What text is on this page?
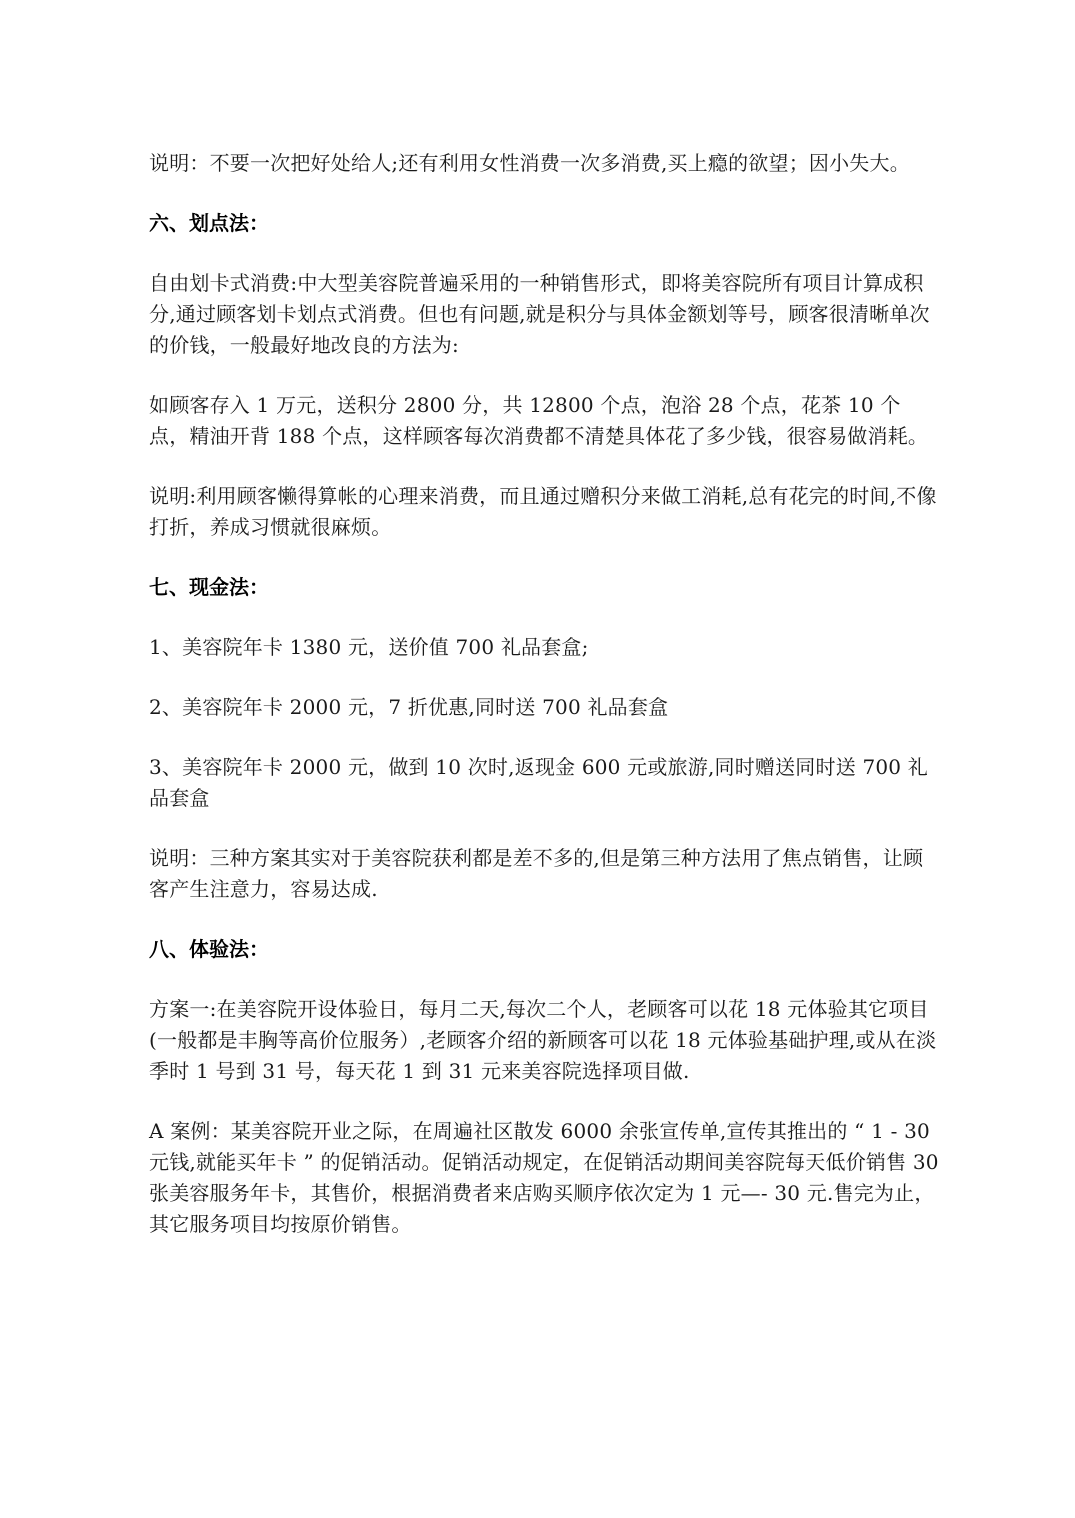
说明：不要一次把好处给人;还有利用女性消费一次多消费,买上瘾的欲望；因小失大。

六、划点法：

自由划卡式消费:中大型美容院普遍采用的一种销售形式，即将美容院所有项目计算成积分,通过顾客划卡划点式消费。但也有问题,就是积分与具体金额划等号，顾客很清晰单次的价钱，一般最好地改良的方法为:

如顾客存入 1 万元，送积分 2800 分，共 12800 个点，泡浴 28 个点，花茶 10 个点，精油开背 188 个点，这样顾客每次消费都不清楚具体花了多少钱，很容易做消耗。

说明:利用顾客懒得算帐的心理来消费，而且通过赠积分来做工消耗,总有花完的时间,不像打折，养成习惯就很麻烦。

七、现金法：

1、美容院年卡 1380 元，送价值 700 礼品套盒;

2、美容院年卡 2000 元，7 折优惠,同时送 700 礼品套盒

3、美容院年卡 2000 元，做到 10 次时,返现金 600 元或旅游,同时赠送同时送 700 礼品套盒

说明：三种方案其实对于美容院获利都是差不多的,但是第三种方法用了焦点销售，让顾客产生注意力，容易达成.

八、体验法：

方案一:在美容院开设体验日，每月二天,每次二个人，老顾客可以花 18 元体验其它项目(一般都是丰胸等高价位服务）,老顾客介绍的新顾客可以花 18 元体验基础护理,或从在淡季时 1 号到 31 号，每天花 1 到 31 元来美容院选择项目做.

A 案例：某美容院开业之际，在周遍社区散发 6000 余张宣传单,宣传其推出的 “ 1 - 30 元钱,就能买年卡 ” 的促销活动。促销活动规定，在促销活动期间美容院每天低价销售 30 张美容服务年卡，其售价，根据消费者来店购买顺序依次定为 1 元—- 30 元.售完为止，其它服务项目均按原价销售。
